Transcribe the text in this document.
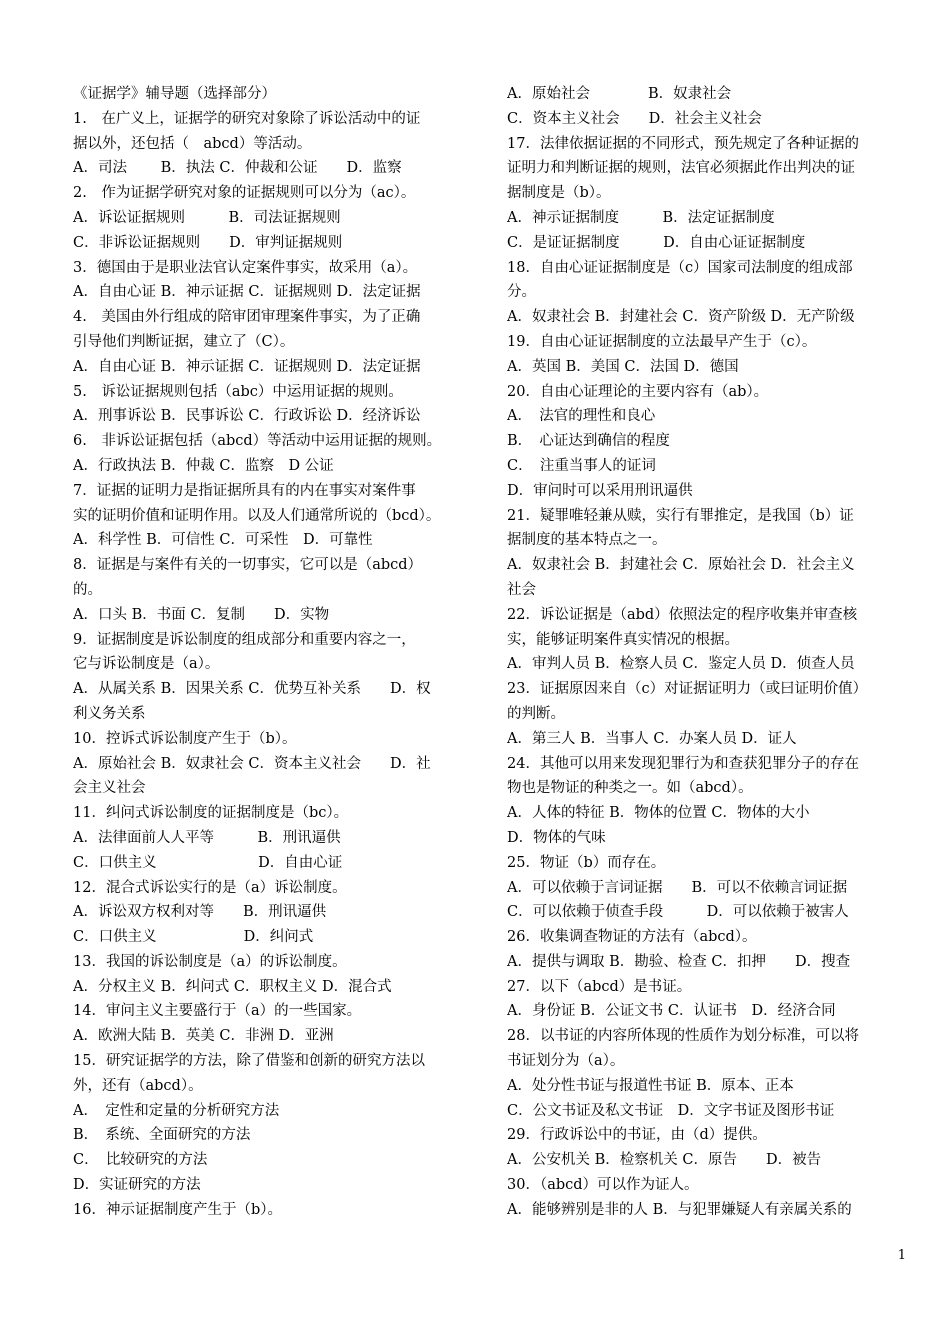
《证据学》辅导题（选择部分）
1.　在广义上，证据学的研究对象除了诉讼活动中的证
据以外，还包括（　abcd）等活动。
A．司法　　 B．执法 C．仲裁和公证　　D．监察
2.　作为证据学研究对象的证据规则可以分为（ac）。
A．诉讼证据规则　　　B．司法证据规则
C．非诉讼证据规则　　D．审判证据规则
3．德国由于是职业法官认定案件事实，故采用（a）。
A．自由心证 B．神示证据 C．证据规则 D．法定证据
4.　美国由外行组成的陪审团审理案件事实，为了正确
引导他们判断证据，建立了（C）。
A．自由心证 B．神示证据 C．证据规则 D．法定证据
5.　诉讼证据规则包括（abc）中运用证据的规则。
A．刑事诉讼 B．民事诉讼 C．行政诉讼 D．经济诉讼
6.　非诉讼证据包括（abcd）等活动中运用证据的规则。
A．行政执法 B．仲裁 C．监察　D 公证
7．证据的证明力是指证据所具有的内在事实对案件事
实的证明价值和证明作用。以及人们通常所说的（bcd）。
A．科学性 B．可信性 C．可采性　D．可靠性
8．证据是与案件有关的一切事实，它可以是（abcd）
的。
A．口头 B．书面 C．复制　　D．实物
9．证据制度是诉讼制度的组成部分和重要内容之一，
它与诉讼制度是（a）。
A．从属关系 B．因果关系 C．优势互补关系　　D．权
利义务关系
10．控诉式诉讼制度产生于（b）。
A．原始社会 B．奴隶社会 C．资本主义社会　　D．社
会主义社会
11．纠问式诉讼制度的证据制度是（bc）。
A．法律面前人人平等　　　B．刑讯逼供
C．口供主义　　　　　　　D．自由心证
12．混合式诉讼实行的是（a）诉讼制度。
A．诉讼双方权利对等　　B．刑讯逼供
C．口供主义　　　　　　D．纠问式
13．我国的诉讼制度是（a）的诉讼制度。
A．分权主义 B．纠问式 C．职权主义 D．混合式
14．审问主义主要盛行于（a）的一些国家。
A．欧洲大陆 B．英美 C．非洲 D．亚洲
15．研究证据学的方法，除了借鉴和创新的研究方法以
外，还有（abcd）。
A．　定性和定量的分析研究方法
B．　系统、全面研究的方法
C．　比较研究的方法
D．实证研究的方法
16．神示证据制度产生于（b）。
A．原始社会　　　　B．奴隶社会
C．资本主义社会　　D．社会主义社会
17．法律依据证据的不同形式，预先规定了各种证据的
证明力和判断证据的规则，法官必须据此作出判决的证
据制度是（b）。
A．神示证据制度　　　B．法定证据制度
C．是证证据制度　　　D．自由心证证据制度
18．自由心证证据制度是（c）国家司法制度的组成部
分。
A．奴隶社会 B．封建社会 C．资产阶级 D．无产阶级
19．自由心证证据制度的立法最早产生于（c）。
A．英国 B．美国 C．法国 D．德国
20．自由心证理论的主要内容有（ab）。
A．　法官的理性和良心
B．　心证达到确信的程度
C．　注重当事人的证词
D．审问时可以采用刑讯逼供
21．疑罪唯轻兼从赎，实行有罪推定，是我国（b）证
据制度的基本特点之一。
A．奴隶社会 B．封建社会 C．原始社会 D．社会主义
社会
22．诉讼证据是（abd）依照法定的程序收集并审查核
实，能够证明案件真实情况的根据。
A．审判人员 B．检察人员 C．鉴定人员 D．侦查人员
23．证据原因来自（c）对证据证明力（或曰证明价值）
的判断。
A．第三人 B．当事人 C．办案人员 D．证人
24．其他可以用来发现犯罪行为和查获犯罪分子的存在
物也是物证的种类之一。如（abcd）。
A．人体的特征 B．物体的位置 C．物体的大小
D．物体的气味
25．物证（b）而存在。
A．可以依赖于言词证据　　B．可以不依赖言词证据
C．可以依赖于侦查手段　　　D．可以依赖于被害人
26．收集调查物证的方法有（abcd）。
A．提供与调取 B．勘验、检查 C．扣押　　D．搜查
27．以下（abcd）是书证。
A．身份证 B．公证文书 C．认证书　D．经济合同
28．以书证的内容所体现的性质作为划分标准，可以将
书证划分为（a）。
A．处分性书证与报道性书证 B．原本、正本
C．公文书证及私文书证　D．文字书证及图形书证
29．行政诉讼中的书证，由（d）提供。
A．公安机关 B．检察机关 C．原告　　D．被告
30．（abcd）可以作为证人。
A．能够辨别是非的人 B．与犯罪嫌疑人有亲属关系的
1
